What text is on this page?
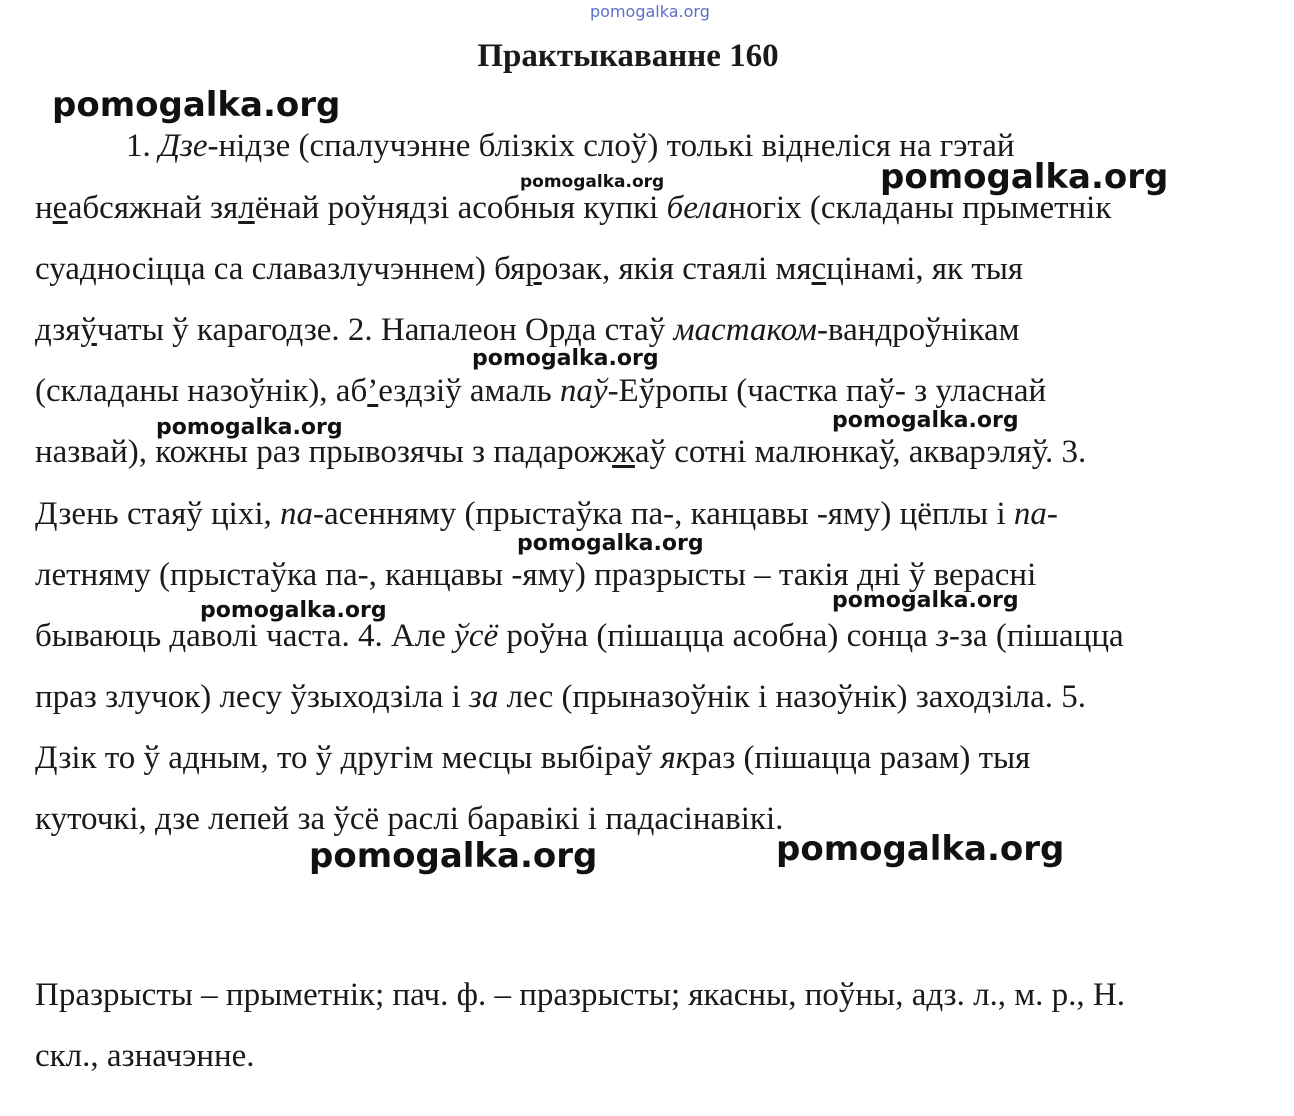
pomogalka.org
Практыкаванне 160
1. Дзе-нідзе (спалучэнне блізкіх слоў) толькі віднеліся на гэтай
неабсяжнай зялёнай роўнядзі асобныя купкі беланогіх (складаны прыметнік
суадносіцца са славазлучэннем) бярозак, якія стаялі мясцінамі, як тыя
дзяўчаты ў карагодзе. 2. Напалеон Орда стаў мастаком-вандроўнікам
(складаны назоўнік), аб’ездзіў амаль паў-Еўропы (частка паў- з уласнай
назвай), кожны раз прывозячы з падарожжаў сотні малюнкаў, акварэляў. 3.
Дзень стаяў ціхі, па-асенняму (прыстаўка па-, канцавы -яму) цёплы і па-
летняму (прыстаўка па-, канцавы -яму) празрысты – такія дні ў верасні
бываюць даволі часта. 4. Але ўсё роўна (пішацца асобна) сонца з-за (пішацца
праз злучок) лесу ўзыходзіла і за лес (прыназоўнік і назоўнік) заходзіла. 5.
Дзік то ў адным, то ў другім месцы выбіраў якраз (пішацца разам) тыя
куточкі, дзе лепей за ўсё раслі баравікі і падасінавікі.
Празрысты – прыметнік; пач. ф. – празрысты; якасны, поўны, адз. л., м. р., Н.
скл., азначэнне.
pomogalka.org
pomogalka.org
pomogalka.org
pomogalka.org
pomogalka.org
pomogalka.org
pomogalka.org
pomogalka.org
pomogalka.org
pomogalka.org	pomogalka.org
